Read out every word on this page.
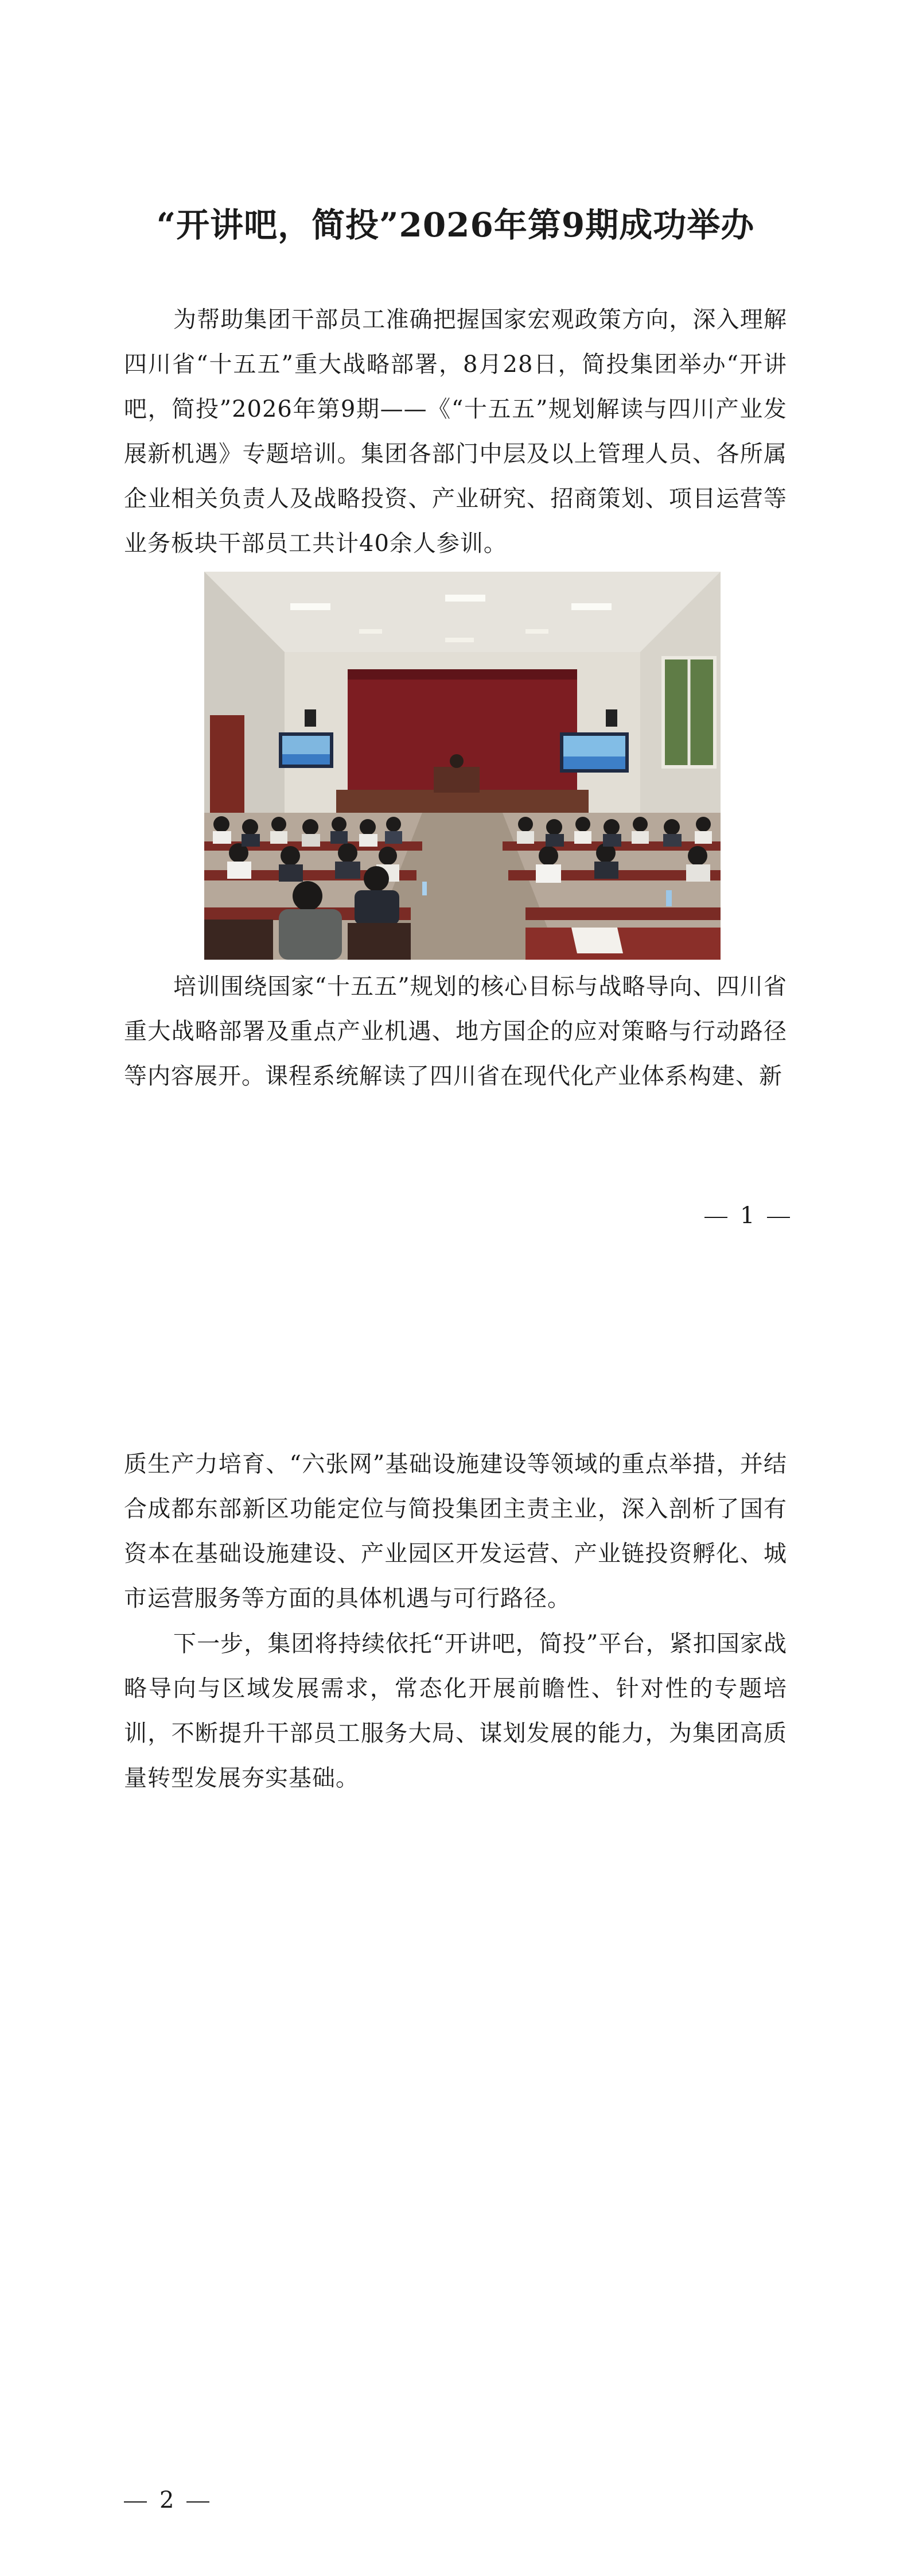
“开讲吧，简投”2026年第9期成功举办

为帮助集团干部员工准确把握国家宏观政策方向，深入理解四川省“十五五”重大战略部署，8月28日，简投集团举办“开讲吧，简投”2026年第9期——《“十五五”规划解读与四川产业发展新机遇》专题培训。集团各部门中层及以上管理人员、各所属企业相关负责人及战略投资、产业研究、招商策划、项目运营等业务板块干部员工共计40余人参训。

培训围绕国家“十五五”规划的核心目标与战略导向、四川省重大战略部署及重点产业机遇、地方国企的应对策略与行动路径等内容展开。课程系统解读了四川省在现代化产业体系构建、新

1

质生产力培育、“六张网”基础设施建设等领域的重点举措，并结合成都东部新区功能定位与简投集团主责主业，深入剖析了国有资本在基础设施建设、产业园区开发运营、产业链投资孵化、城市运营服务等方面的具体机遇与可行路径。

下一步，集团将持续依托“开讲吧，简投”平台，紧扣国家战略导向与区域发展需求，常态化开展前瞻性、针对性的专题培训，不断提升干部员工服务大局、谋划发展的能力，为集团高质量转型发展夯实基础。

2
